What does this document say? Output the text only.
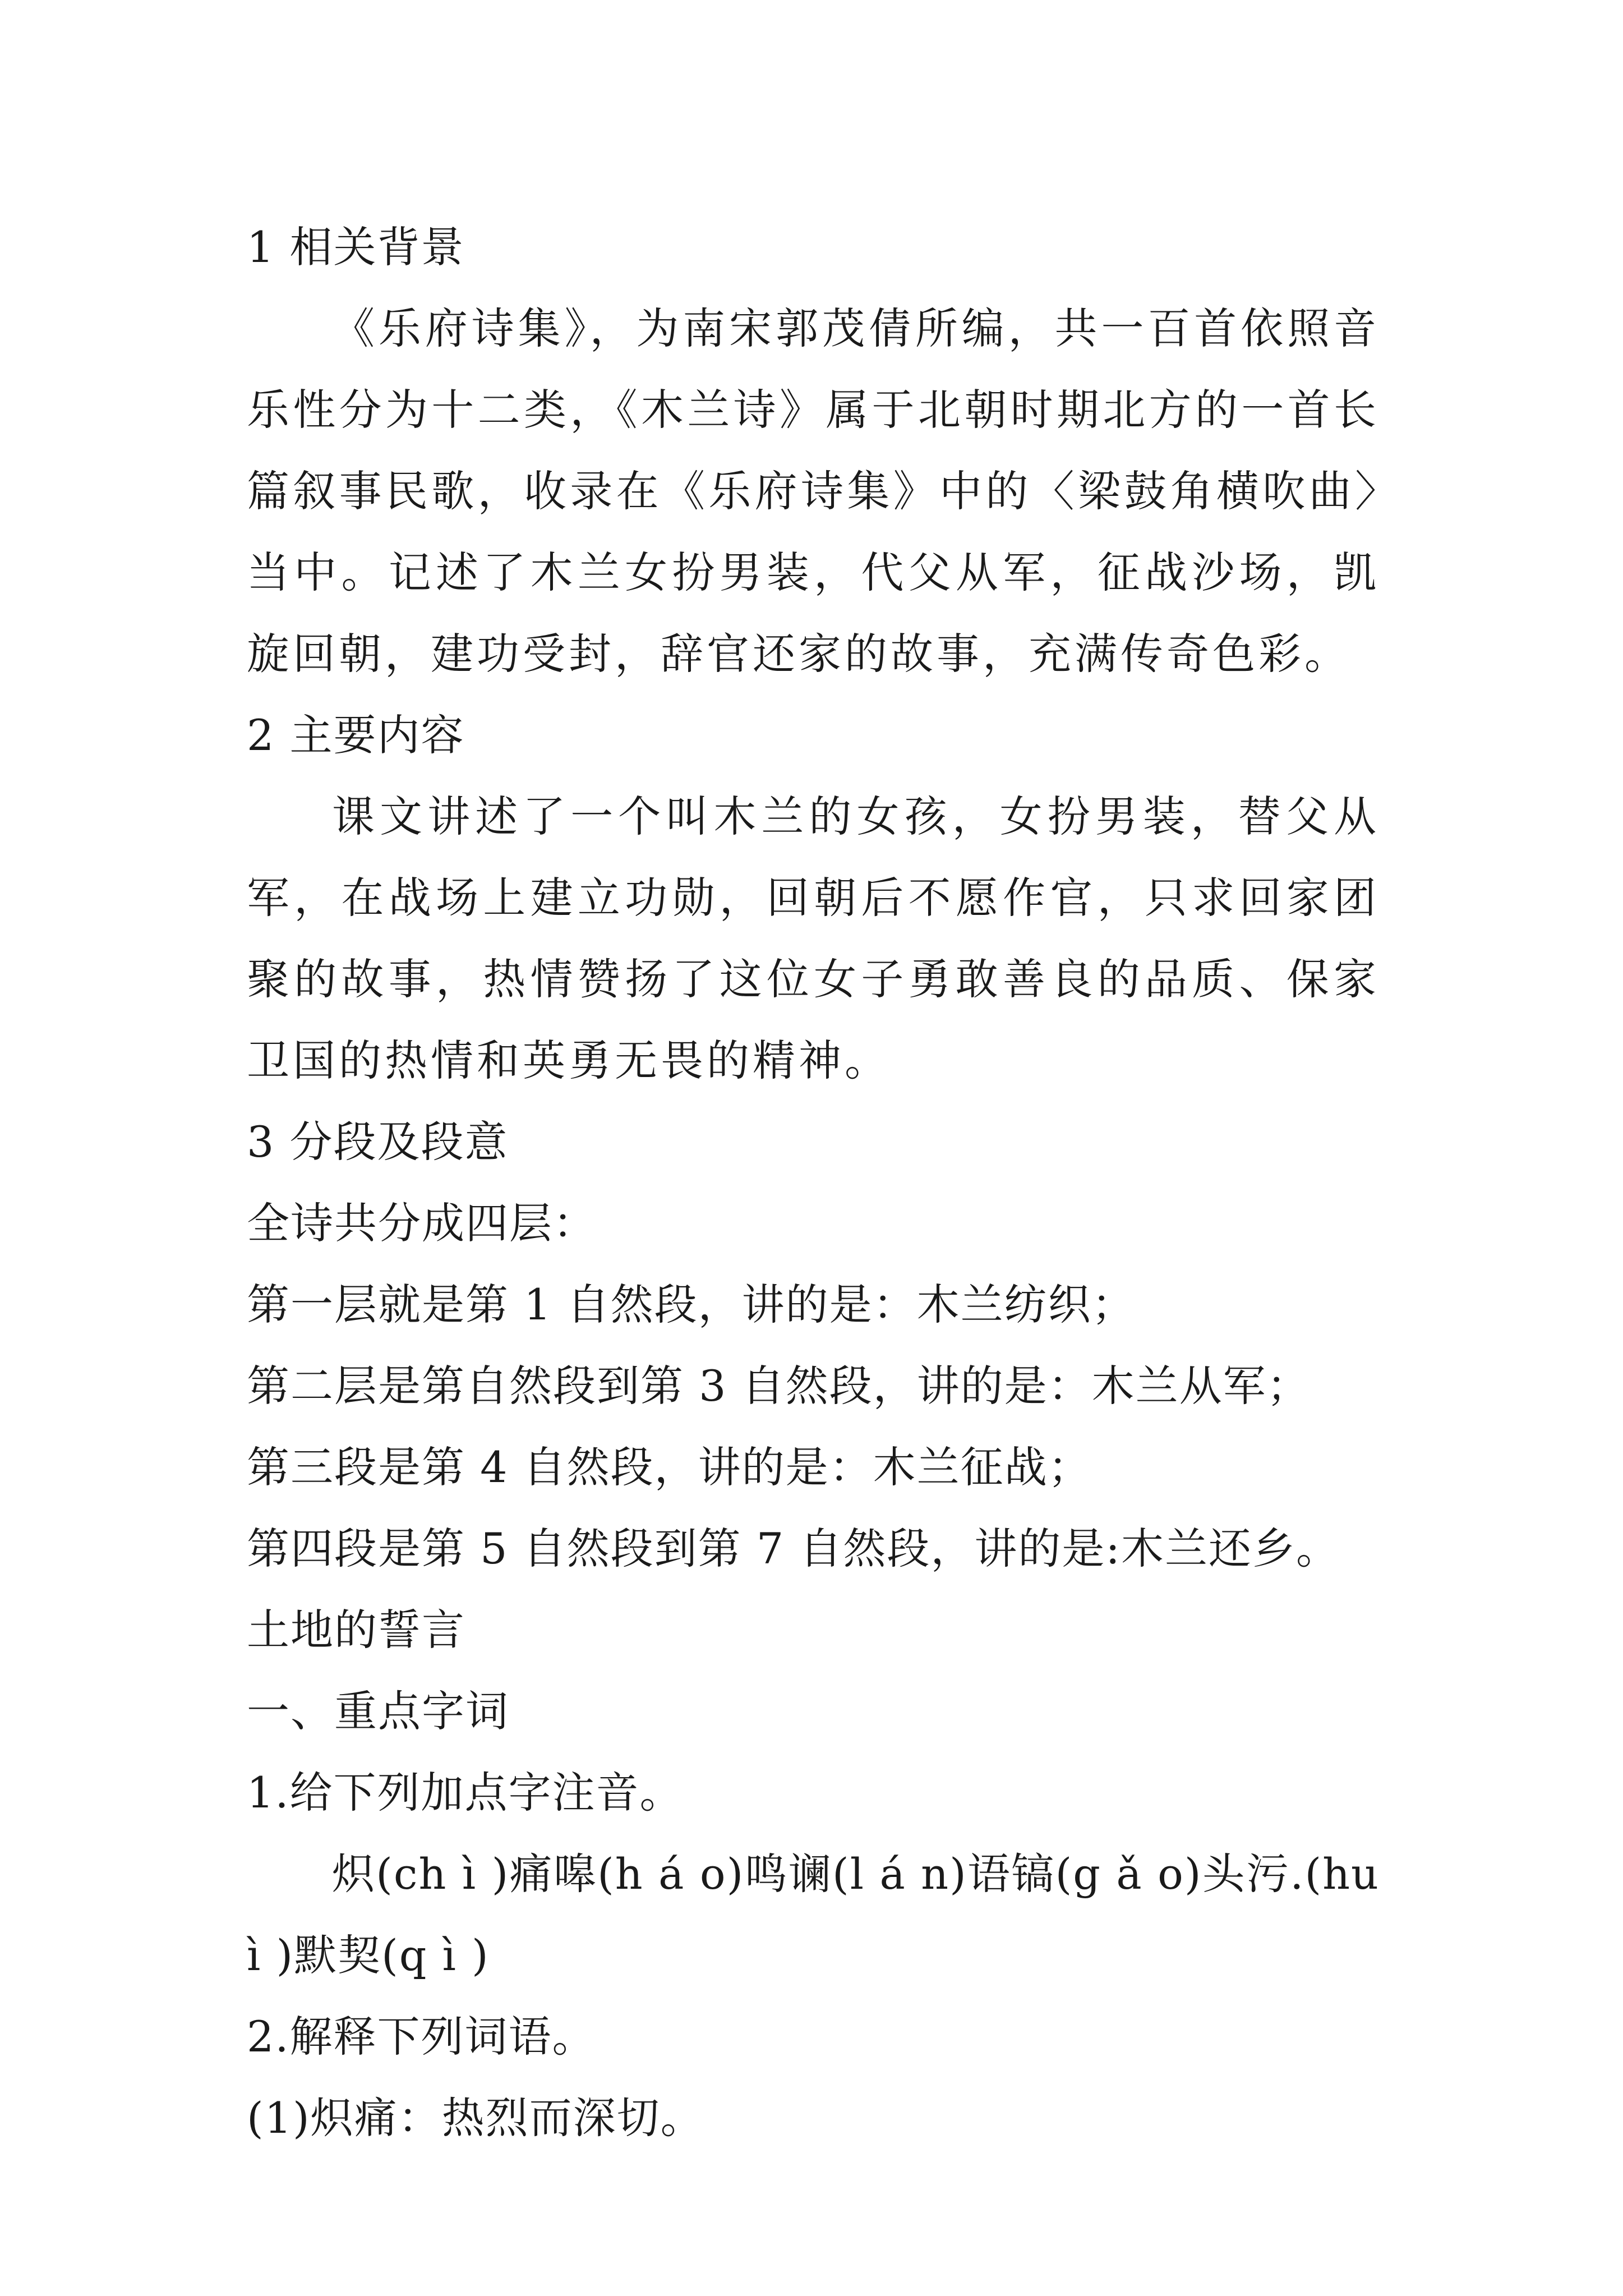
1 相关背景

《乐府诗集》，为南宋郭茂倩所编，共一百首依照音乐性分为十二类，《木兰诗》属于北朝时期北方的一首长篇叙事民歌，收录在《乐府诗集》中的〈梁鼓角横吹曲〉当中。记述了木兰女扮男装，代父从军，征战沙场，凯旋回朝，建功受封，辞官还家的故事，充满传奇色彩。

2 主要内容

课文讲述了一个叫木兰的女孩，女扮男装，替父从军，在战场上建立功勋，回朝后不愿作官，只求回家团聚的故事，热情赞扬了这位女子勇敢善良的品质、保家卫国的热情和英勇无畏的精神。

3 分段及段意

全诗共分成四层：

第一层就是第 1 自然段，讲的是：木兰纺织；

第二层是第自然段到第 3 自然段，讲的是：木兰从军；

第三段是第 4 自然段，讲的是：木兰征战；

第四段是第 5 自然段到第 7 自然段，讲的是:木兰还乡。

土地的誓言

一、重点字词

1.给下列加点字注音。

炽(ch ì )痛嗥(h á o)鸣谰(l á n)语镐(g ǎ o)头污.(hu ì )默契(q ì )

2.解释下列词语。

(1)炽痛：热烈而深切。
